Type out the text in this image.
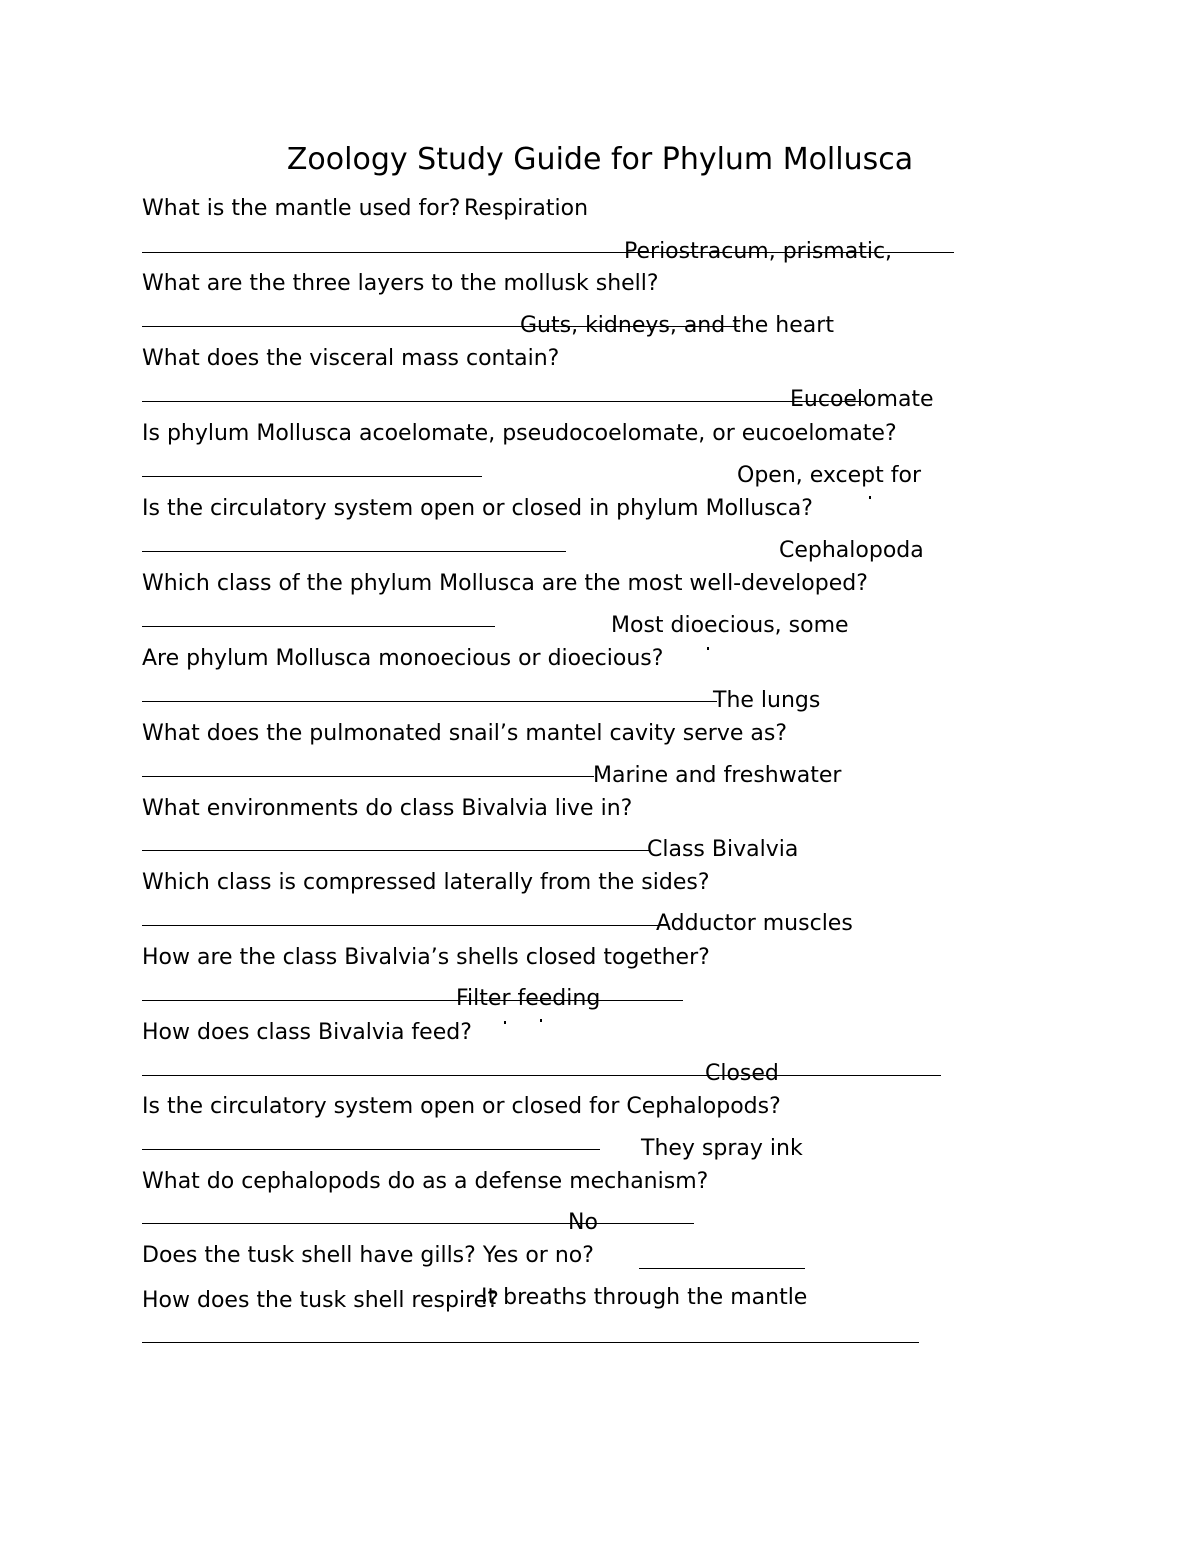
Zoology Study Guide for Phylum Mollusca
What is the mantle used for? Respiration
Periostracum, prismatic,
What are the three layers to the mollusk shell?
Guts, kidneys, and the heart
What does the visceral mass contain?
Eucoelomate
Is phylum Mollusca acoelomate, pseudocoelomate, or eucoelomate?
Open, except for
Is the circulatory system open or closed in phylum Mollusca?
Cephalopoda
Which class of the phylum Mollusca are the most well-developed?
Most dioecious, some
Are phylum Mollusca monoecious or dioecious?
The lungs
What does the pulmonated snail’s mantel cavity serve as?
Marine and freshwater
What environments do class Bivalvia live in?
Class Bivalvia
Which class is compressed laterally from the sides?
Adductor muscles
How are the class Bivalvia’s shells closed together?
Filter feeding
How does class Bivalvia feed?
Closed
Is the circulatory system open or closed for Cephalopods?
They spray ink
What do cephalopods do as a defense mechanism?
No
Does the tusk shell have gills? Yes or no?
How does the tusk shell respire?
It breaths through the mantle
